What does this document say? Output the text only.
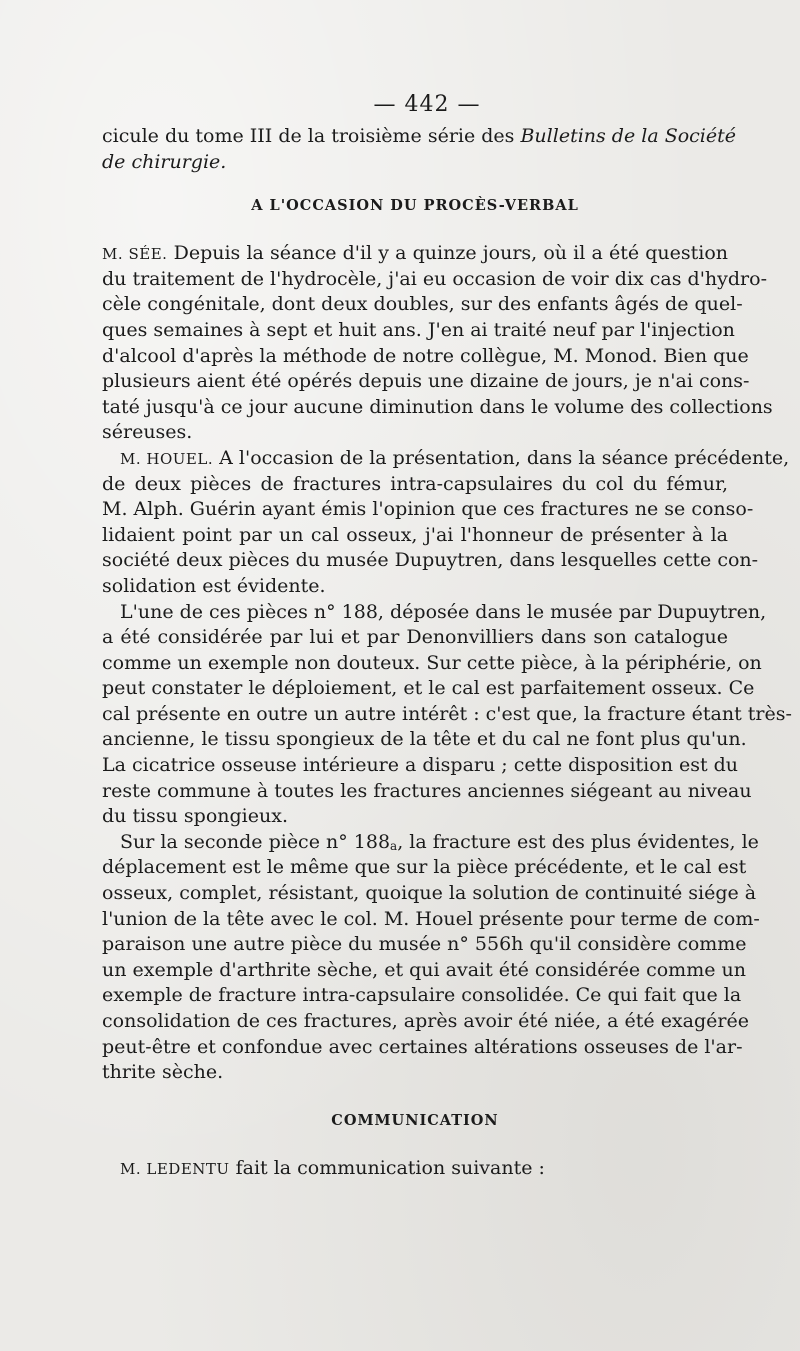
— 442 —
cicule du tome III de la troisième série des Bulletins de la Société
de chirurgie.
A L'OCCASION DU PROCÈS-VERBAL
M. SÉE. Depuis la séance d'il y a quinze jours, où il a été question
du traitement de l'hydrocèle, j'ai eu occasion de voir dix cas d'hydro-
cèle congénitale, dont deux doubles, sur des enfants âgés de quel-
ques semaines à sept et huit ans. J'en ai traité neuf par l'injection
d'alcool d'après la méthode de notre collègue, M. Monod. Bien que
plusieurs aient été opérés depuis une dizaine de jours, je n'ai cons-
taté jusqu'à ce jour aucune diminution dans le volume des collections
séreuses.
M. HOUEL. A l'occasion de la présentation, dans la séance précédente,
de deux pièces de fractures intra-capsulaires du col du fémur,
M. Alph. Guérin ayant émis l'opinion que ces fractures ne se conso-
lidaient point par un cal osseux, j'ai l'honneur de présenter à la
société deux pièces du musée Dupuytren, dans lesquelles cette con-
solidation est évidente.
L'une de ces pièces n° 188, déposée dans le musée par Dupuytren,
a été considérée par lui et par Denonvilliers dans son catalogue
comme un exemple non douteux. Sur cette pièce, à la périphérie, on
peut constater le déploiement, et le cal est parfaitement osseux. Ce
cal présente en outre un autre intérêt : c'est que, la fracture étant très-
ancienne, le tissu spongieux de la tête et du cal ne font plus qu'un.
La cicatrice osseuse intérieure a disparu ; cette disposition est du
reste commune à toutes les fractures anciennes siégeant au niveau
du tissu spongieux.
Sur la seconde pièce n° $188_a$, la fracture est des plus évidentes, le
déplacement est le même que sur la pièce précédente, et le cal est
osseux, complet, résistant, quoique la solution de continuité siége à
l'union de la tête avec le col. M. Houel présente pour terme de com-
paraison une autre pièce du musée n° 556h qu'il considère comme
un exemple d'arthrite sèche, et qui avait été considérée comme un
exemple de fracture intra-capsulaire consolidée. Ce qui fait que la
consolidation de ces fractures, après avoir été niée, a été exagérée
peut-être et confondue avec certaines altérations osseuses de l'ar-
thrite sèche.
COMMUNICATION
M. LEDENTU fait la communication suivante :
